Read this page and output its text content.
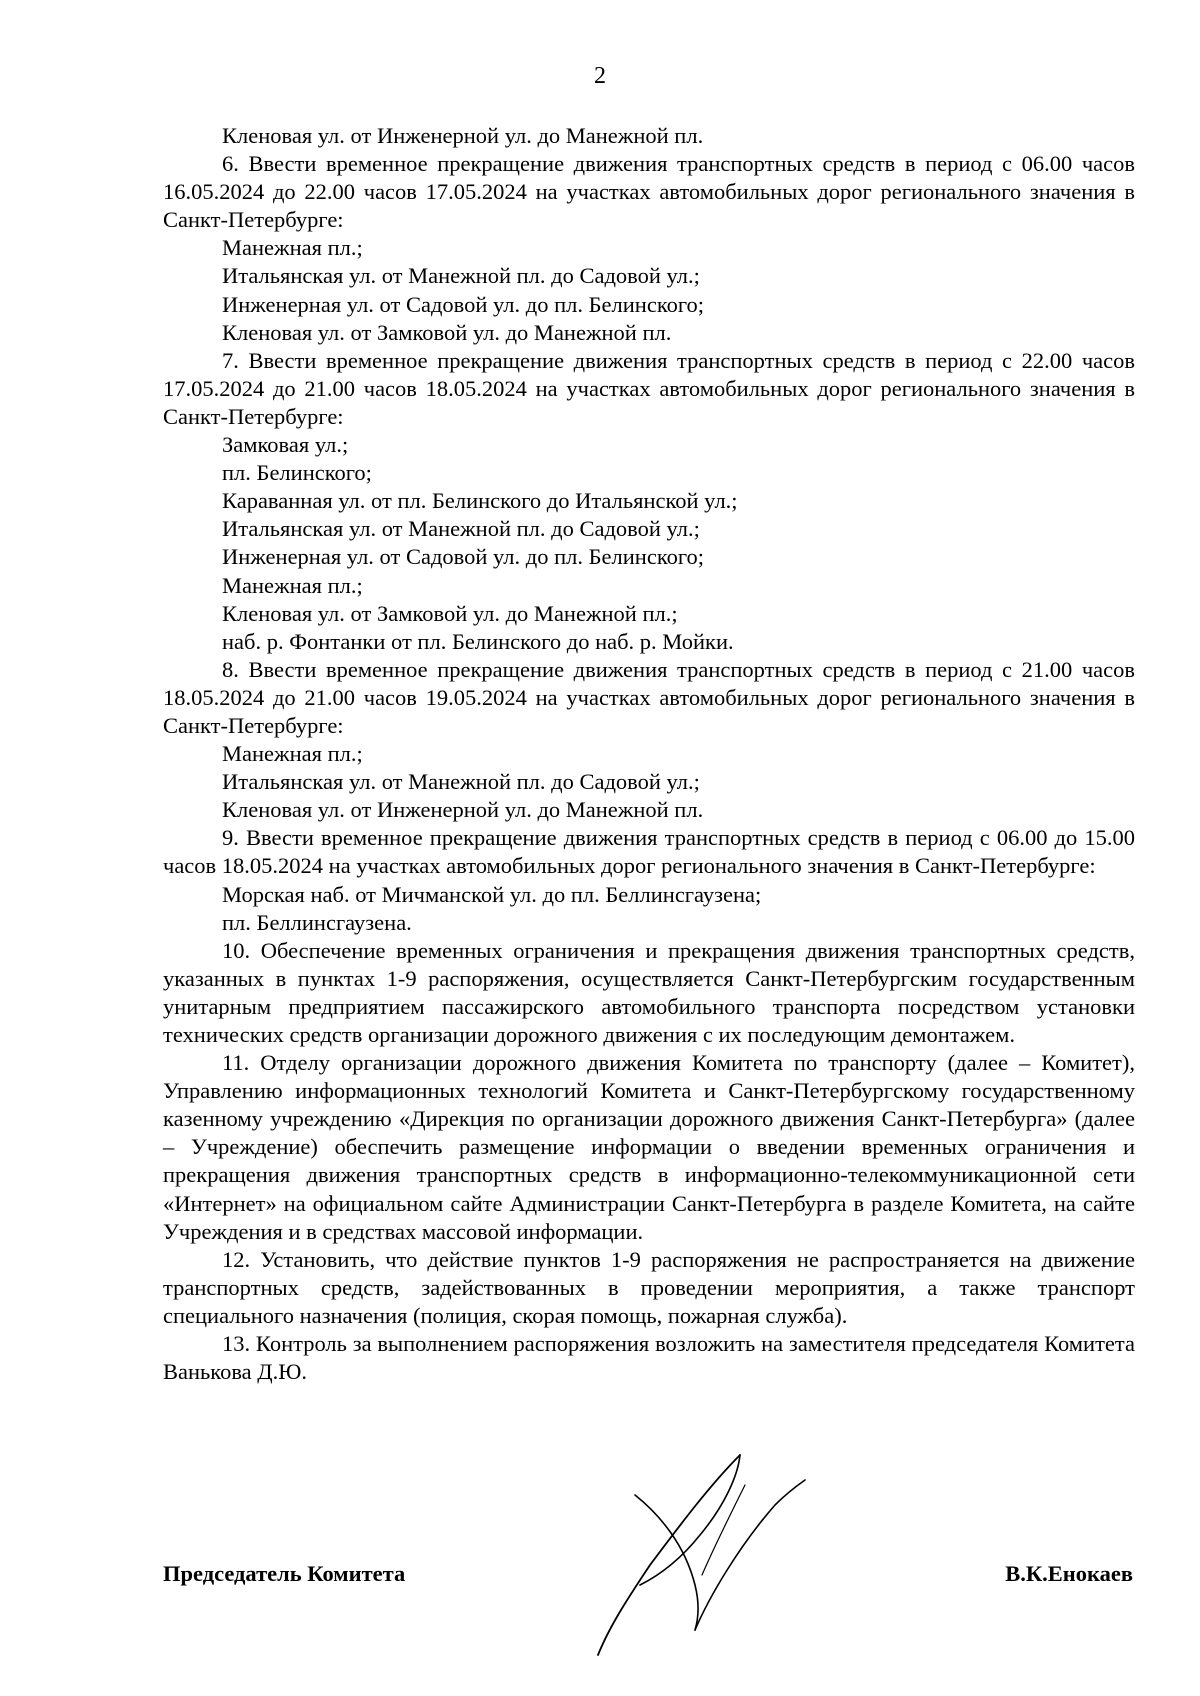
2
Кленовая ул. от Инженерной ул. до Манежной пл.
6. Ввести временное прекращение движения транспортных средств в период с 06.00 часов 16.05.2024 до 22.00 часов 17.05.2024 на участках автомобильных дорог регионального значения в Санкт-Петербурге:
Манежная пл.;
Итальянская ул. от Манежной пл. до Садовой ул.;
Инженерная ул. от Садовой ул. до пл. Белинского;
Кленовая ул. от Замковой ул. до Манежной пл.
7. Ввести временное прекращение движения транспортных средств в период с 22.00 часов 17.05.2024 до 21.00 часов 18.05.2024 на участках автомобильных дорог регионального значения в Санкт-Петербурге:
Замковая ул.;
пл. Белинского;
Караванная ул. от пл. Белинского до Итальянской ул.;
Итальянская ул. от Манежной пл. до Садовой ул.;
Инженерная ул. от Садовой ул. до пл. Белинского;
Манежная пл.;
Кленовая ул. от Замковой ул. до Манежной пл.;
наб. р. Фонтанки от пл. Белинского до наб. р. Мойки.
8. Ввести временное прекращение движения транспортных средств в период с 21.00 часов 18.05.2024 до 21.00 часов 19.05.2024 на участках автомобильных дорог регионального значения в Санкт-Петербурге:
Манежная пл.;
Итальянская ул. от Манежной пл. до Садовой ул.;
Кленовая ул. от Инженерной ул. до Манежной пл.
9. Ввести временное прекращение движения транспортных средств в период с 06.00 до 15.00 часов 18.05.2024 на участках автомобильных дорог регионального значения в Санкт-Петербурге:
Морская наб. от Мичманской ул. до пл. Беллинсгаузена;
пл. Беллинсгаузена.
10. Обеспечение временных ограничения и прекращения движения транспортных средств, указанных в пунктах 1-9 распоряжения, осуществляется Санкт-Петербургским государственным унитарным предприятием пассажирского автомобильного транспорта посредством установки технических средств организации дорожного движения с их последующим демонтажем.
11. Отделу организации дорожного движения Комитета по транспорту (далее – Комитет), Управлению информационных технологий Комитета и Санкт-Петербургскому государственному казенному учреждению «Дирекция по организации дорожного движения Санкт-Петербурга» (далее – Учреждение) обеспечить размещение информации о введении временных ограничения и прекращения движения транспортных средств в информационно-телекоммуникационной сети «Интернет» на официальном сайте Администрации Санкт-Петербурга в разделе Комитета, на сайте Учреждения и в средствах массовой информации.
12. Установить, что действие пунктов 1-9 распоряжения не распространяется на движение транспортных средств, задействованных в проведении мероприятия, а также транспорт специального назначения (полиция, скорая помощь, пожарная служба).
13. Контроль за выполнением распоряжения возложить на заместителя председателя Комитета Ванькова Д.Ю.
Председатель Комитета	В.К.Енокаев
